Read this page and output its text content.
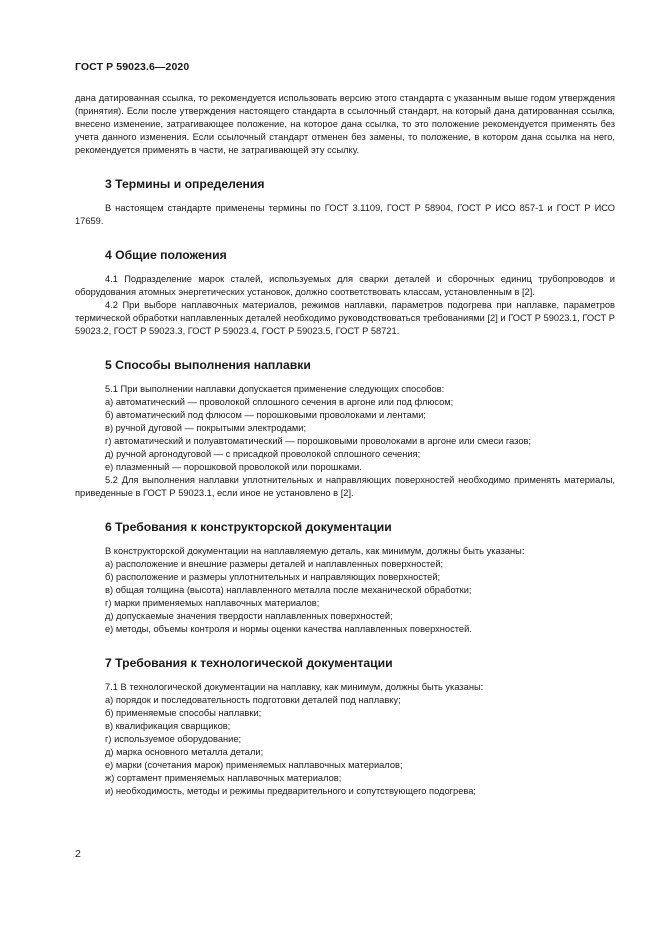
ГОСТ Р 59023.6—2020

дана датированная ссылка, то рекомендуется использовать версию этого стандарта с указанным выше годом утверждения (принятия). Если после утверждения настоящего стандарта в ссылочный стандарт, на который дана датированная ссылка, внесено изменение, затрагивающее положение, на которое дана ссылка, то это положение рекомендуется применять без учета данного изменения. Если ссылочный стандарт отменен без замены, то положение, в котором дана ссылка на него, рекомендуется применять в части, не затрагивающей эту ссылку.

3 Термины и определения

В настоящем стандарте применены термины по ГОСТ 3.1109, ГОСТ Р 58904, ГОСТ Р ИСО 857-1 и ГОСТ Р ИСО 17659.

4 Общие положения

4.1 Подразделение марок сталей, используемых для сварки деталей и сборочных единиц трубопроводов и оборудования атомных энергетических установок, должно соответствовать классам, установленным в [2].

4.2 При выборе наплавочных материалов, режимов наплавки, параметров подогрева при наплавке, параметров термической обработки наплавленных деталей необходимо руководствоваться требованиями [2] и ГОСТ Р 59023.1, ГОСТ Р 59023.2, ГОСТ Р 59023.3, ГОСТ Р 59023.4, ГОСТ Р 59023.5, ГОСТ Р 58721.

5 Способы выполнения наплавки

5.1 При выполнении наплавки допускается применение следующих способов:

а) автоматический — проволокой сплошного сечения в аргоне или под флюсом;

б) автоматический под флюсом — порошковыми проволоками и лентами;

в) ручной дуговой — покрытыми электродами;

г) автоматический и полуавтоматический — порошковыми проволоками в аргоне или смеси газов;

д) ручной аргонодуговой — с присадкой проволокой сплошного сечения;

е) плазменный — порошковой проволокой или порошками.

5.2 Для выполнения наплавки уплотнительных и направляющих поверхностей необходимо применять материалы, приведенные в ГОСТ Р 59023.1, если иное не установлено в [2].

6 Требования к конструкторской документации

В конструкторской документации на наплавляемую деталь, как минимум, должны быть указаны:

а) расположение и внешние размеры деталей и наплавленных поверхностей;

б) расположение и размеры уплотнительных и направляющих поверхностей;

в) общая толщина (высота) наплавленного металла после механической обработки;

г) марки применяемых наплавочных материалов;

д) допускаемые значения твердости наплавленных поверхностей;

е) методы, объемы контроля и нормы оценки качества наплавленных поверхностей.

7 Требования к технологической документации

7.1 В технологической документации на наплавку, как минимум, должны быть указаны:

а) порядок и последовательность подготовки деталей под наплавку;

б) применяемые способы наплавки;

в) квалификация сварщиков;

г) используемое оборудование;

д) марка основного металла детали;

е) марки (сочетания марок) применяемых наплавочных материалов;

ж) сортамент применяемых наплавочных материалов;

и) необходимость, методы и режимы предварительного и сопутствующего подогрева;

2
